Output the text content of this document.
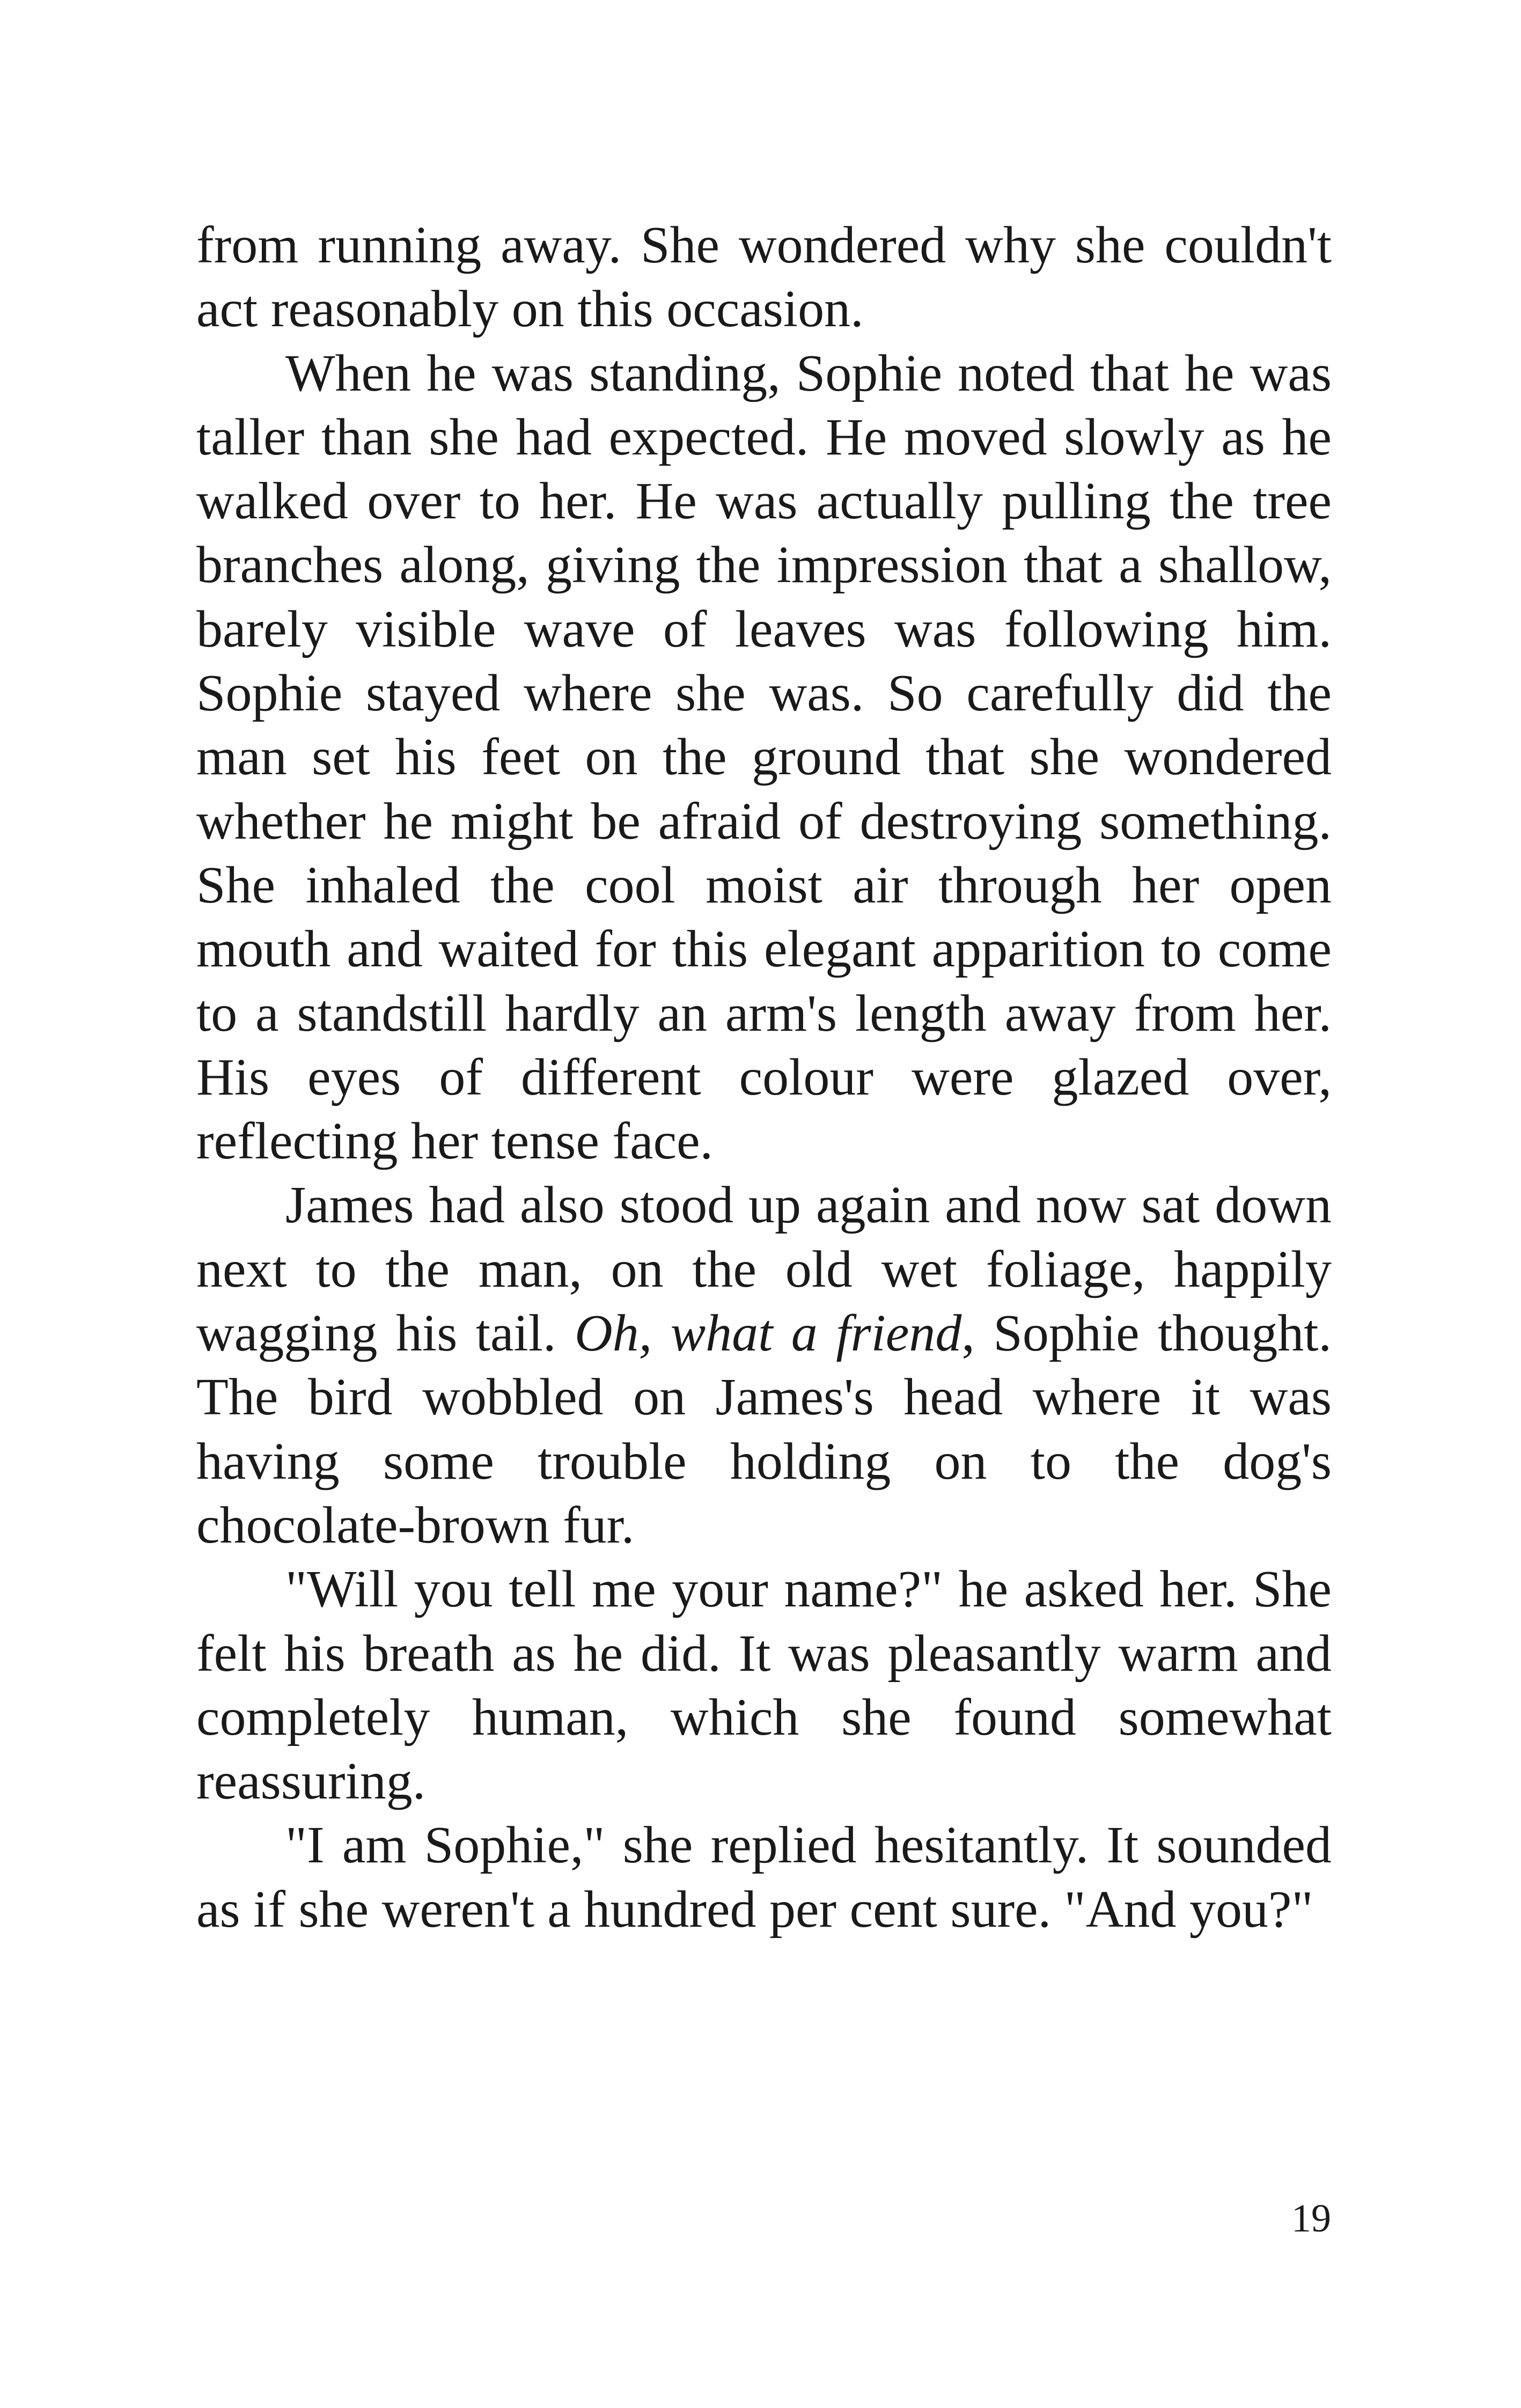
from running away. She wondered why she couldn't act reasonably on this occasion.

When he was standing, Sophie noted that he was taller than she had expected. He moved slowly as he walked over to her. He was actually pulling the tree branches along, giving the impression that a shallow, barely visible wave of leaves was following him. Sophie stayed where she was. So carefully did the man set his feet on the ground that she wondered whether he might be afraid of destroying something. She inhaled the cool moist air through her open mouth and waited for this elegant apparition to come to a standstill hardly an arm's length away from her. His eyes of different colour were glazed over, reflecting her tense face.

James had also stood up again and now sat down next to the man, on the old wet foliage, happily wagging his tail. Oh, what a friend, Sophie thought. The bird wobbled on James's head where it was having some trouble holding on to the dog's chocolate-brown fur.

"Will you tell me your name?" he asked her. She felt his breath as he did. It was pleasantly warm and completely human, which she found somewhat reassuring.

"I am Sophie," she replied hesitantly. It sounded as if she weren't a hundred per cent sure. "And you?"

19
